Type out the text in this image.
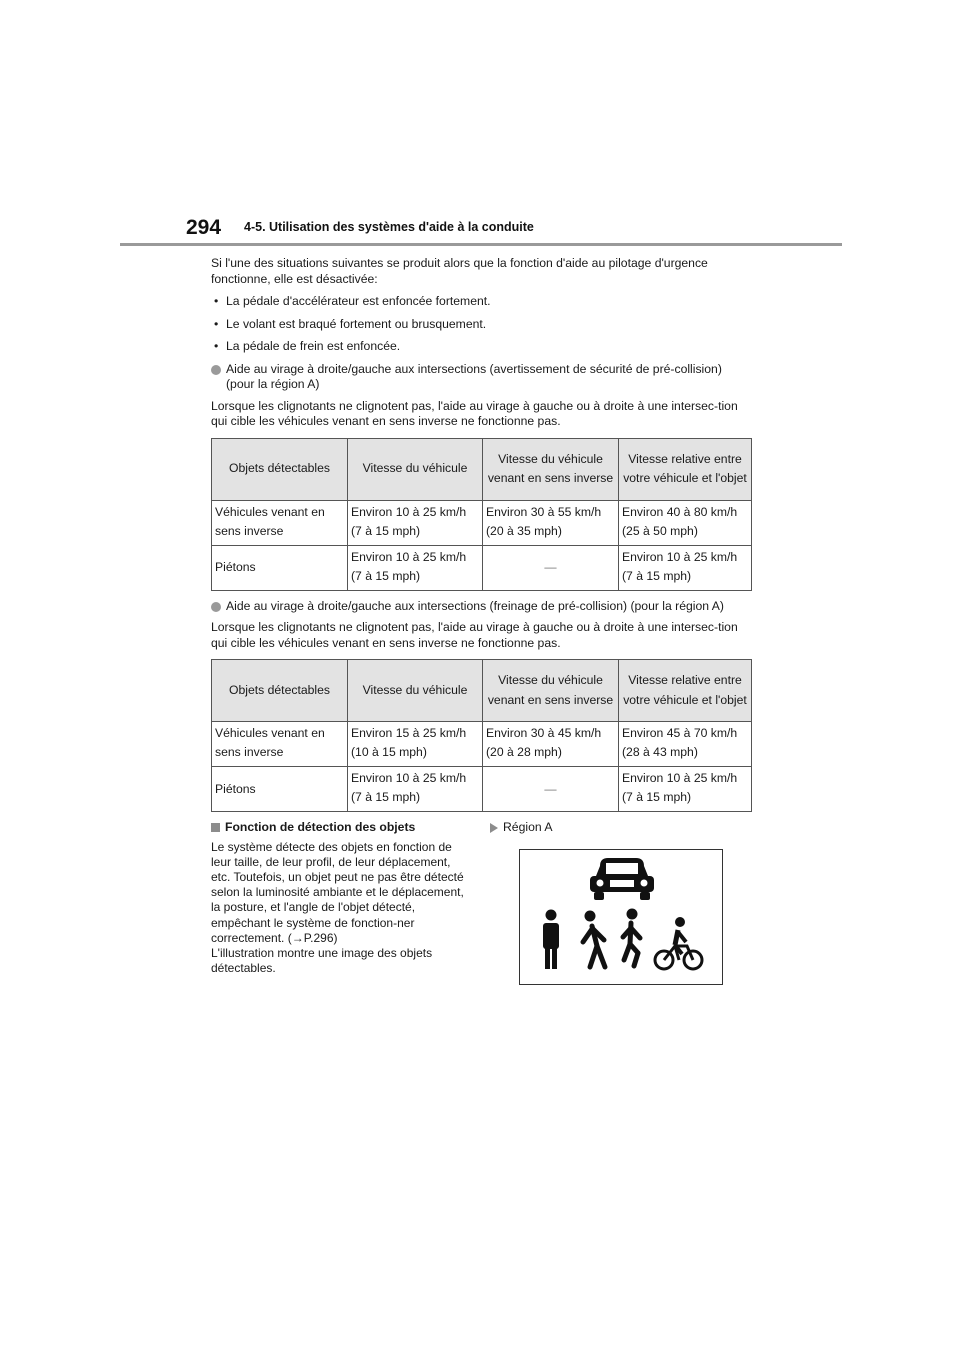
294 4-5. Utilisation des systèmes d'aide à la conduite

Si l'une des situations suivantes se produit alors que la fonction d'aide au pilotage d'urgence fonctionne, elle est désactivée:

• La pédale d'accélérateur est enfoncée fortement.

• Le volant est braqué fortement ou brusquement.

• La pédale de frein est enfoncée.

Aide au virage à droite/gauche aux intersections (avertissement de sécurité de pré-collision) (pour la région A)

Lorsque les clignotants ne clignotent pas, l'aide au virage à gauche ou à droite à une intersec-tion qui cible les véhicules venant en sens inverse ne fonctionne pas.

Objets détectables	Vitesse du véhicule	Vitesse du véhicule venant en sens inverse	Vitesse relative entre votre véhicule et l'objet
Véhicules venant en sens inverse	Environ 10 à 25 km/h (7 à 15 mph)	Environ 30 à 55 km/h (20 à 35 mph)	Environ 40 à 80 km/h (25 à 50 mph)
Piétons	Environ 10 à 25 km/h (7 à 15 mph)	—	Environ 10 à 25 km/h (7 à 15 mph)

Aide au virage à droite/gauche aux intersections (freinage de pré-collision) (pour la région A)

Lorsque les clignotants ne clignotent pas, l'aide au virage à gauche ou à droite à une intersec-tion qui cible les véhicules venant en sens inverse ne fonctionne pas.

Objets détectables	Vitesse du véhicule	Vitesse du véhicule venant en sens inverse	Vitesse relative entre votre véhicule et l'objet
Véhicules venant en sens inverse	Environ 15 à 25 km/h (10 à 15 mph)	Environ 30 à 45 km/h (20 à 28 mph)	Environ 45 à 70 km/h (28 à 43 mph)
Piétons	Environ 10 à 25 km/h (7 à 15 mph)	—	Environ 10 à 25 km/h (7 à 15 mph)

Fonction de détection des objets

Le système détecte des objets en fonction de leur taille, de leur profil, de leur déplacement, etc. Toutefois, un objet peut ne pas être détecté selon la luminosité ambiante et le déplacement, la posture, et l'angle de l'objet détecté, empêchant le système de fonction-ner correctement. (→P.296)

L'illustration montre une image des objets détectables.

Région A
